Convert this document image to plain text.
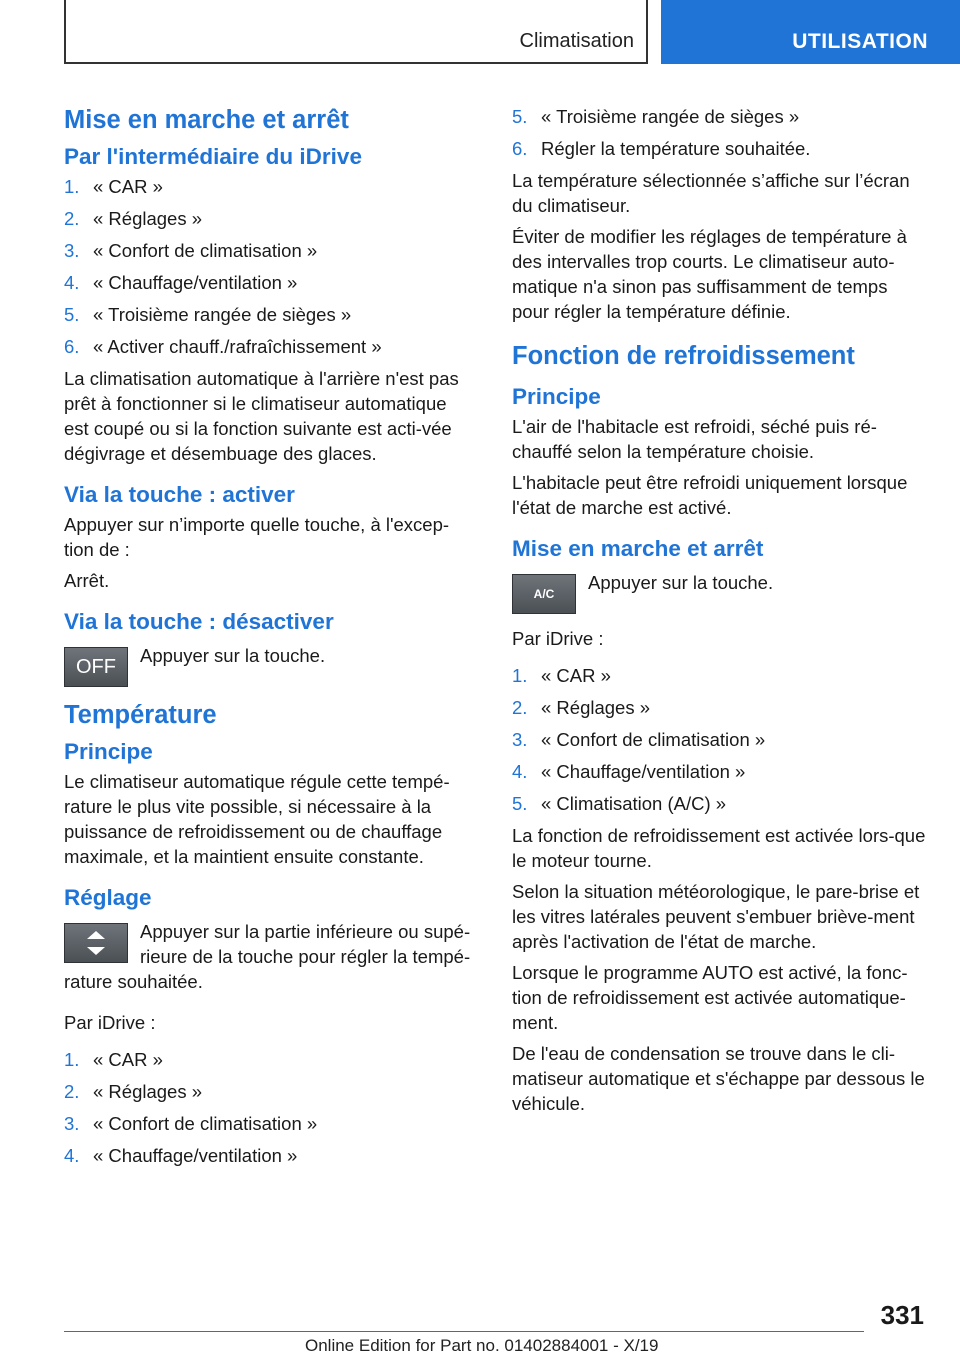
Climatisation	UTILISATION
Mise en marche et arrêt
Par l'intermédiaire du iDrive
1. « CAR »
2. « Réglages »
3. « Confort de climatisation »
4. « Chauffage/ventilation »
5. « Troisième rangée de sièges »
6. « Activer chauff./rafraîchissement »

La climatisation automatique à l'arrière n'est pas prêt à fonctionner si le climatiseur automatique est coupé ou si la fonction suivante est acti‐vée dégivrage et désembuage des glaces.

Via la touche : activer

Appuyer sur n’importe quelle touche, à l'excep‐tion de :

Arrêt.

Via la touche : désactiver
OFF

Appuyer sur la touche.

Température
Principe

Le climatiseur automatique régule cette tempé‐rature le plus vite possible, si nécessaire à la puissance de refroidissement ou de chauffage maximale, et la maintient ensuite constante.

Réglage

Appuyer sur la partie inférieure ou supé‐rieure de la touche pour régler la tempé‐rature souhaitée.

Par iDrive :

1. « CAR »
2. « Réglages »
3. « Confort de climatisation »
4. « Chauffage/ventilation »
5. « Troisième rangée de sièges »
6. Régler la température souhaitée.

La température sélectionnée s’affiche sur l’écran du climatiseur.

Éviter de modifier les réglages de température à des intervalles trop courts. Le climatiseur auto‐matique n'a sinon pas suffisamment de temps pour régler la température définie.

Fonction de refroidissement
Principe

L'air de l'habitacle est refroidi, séché puis ré‐chauffé selon la température choisie.

L'habitacle peut être refroidi uniquement lorsque l'état de marche est activé.

Mise en marche et arrêt
A/C

Appuyer sur la touche.

Par iDrive :

1. « CAR »
2. « Réglages »
3. « Confort de climatisation »
4. « Chauffage/ventilation »
5. « Climatisation (A/C) »

La fonction de refroidissement est activée lors‐que le moteur tourne.

Selon la situation météorologique, le pare-brise et les vitres latérales peuvent s'embuer briève‐ment après l'activation de l'état de marche.

Lorsque le programme AUTO est activé, la fonc‐tion de refroidissement est activée automatique‐ment.

De l'eau de condensation se trouve dans le cli‐matiseur automatique et s'échappe par dessous le véhicule.

331
Online Edition for Part no. 01402884001 - X/19
